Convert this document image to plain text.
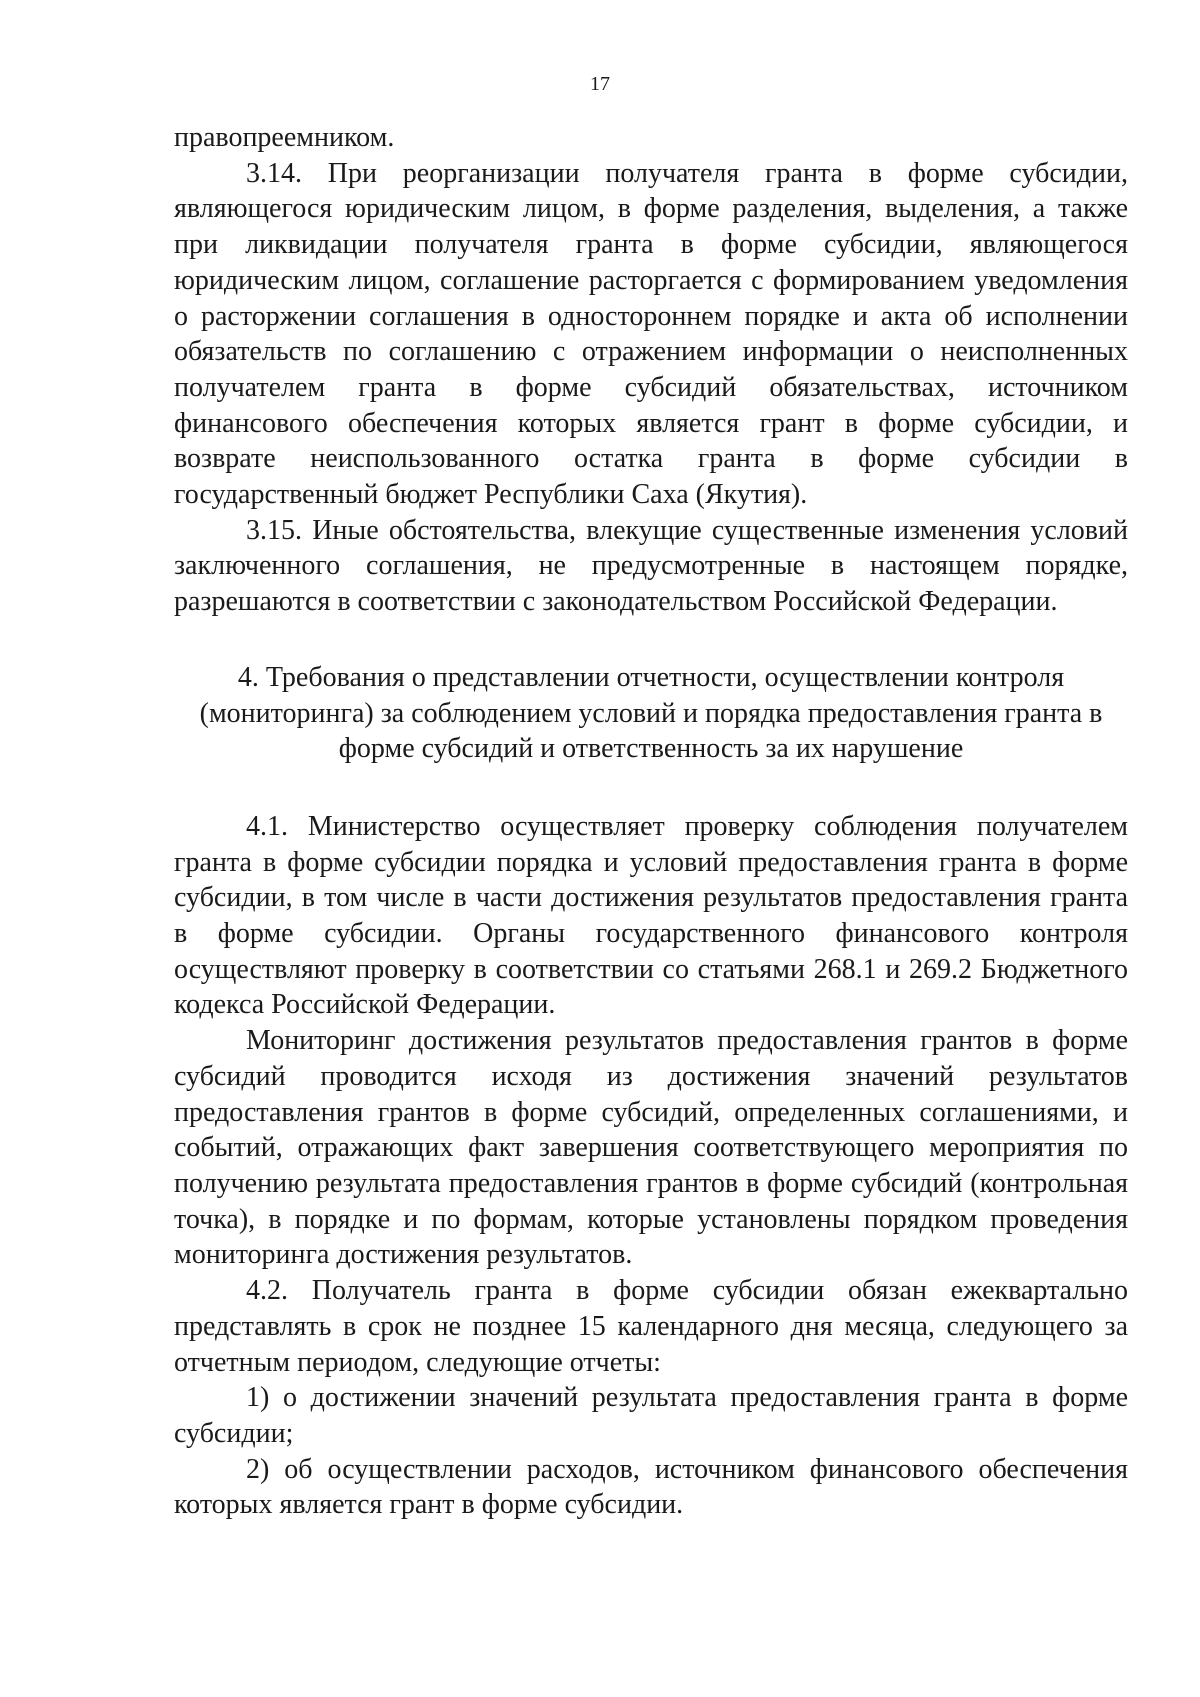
17

правопреемником.

3.14. При реорганизации получателя гранта в форме субсидии, являющегося юридическим лицом, в форме разделения, выделения, а также при ликвидации получателя гранта в форме субсидии, являющегося юридическим лицом, соглашение расторгается с формированием уведомления о расторжении соглашения в одностороннем порядке и акта об исполнении обязательств по соглашению с отражением информации о неисполненных получателем гранта в форме субсидий обязательствах, источником финансового обеспечения которых является грант в форме субсидии, и возврате неиспользованного остатка гранта в форме субсидии в государственный бюджет Республики Саха (Якутия).

3.15. Иные обстоятельства, влекущие существенные изменения условий заключенного соглашения, не предусмотренные в настоящем порядке, разрешаются в соответствии с законодательством Российской Федерации.

4. Требования о представлении отчетности, осуществлении контроля
(мониторинга) за соблюдением условий и порядка предоставления гранта в
форме субсидий и ответственность за их нарушение

4.1. Министерство осуществляет проверку соблюдения получателем гранта в форме субсидии порядка и условий предоставления гранта в форме субсидии, в том числе в части достижения результатов предоставления гранта в форме субсидии. Органы государственного финансового контроля осуществляют проверку в соответствии со статьями 268.1 и 269.2 Бюджетного кодекса Российской Федерации.

Мониторинг достижения результатов предоставления грантов в форме субсидий проводится исходя из достижения значений результатов предоставления грантов в форме субсидий, определенных соглашениями, и событий, отражающих факт завершения соответствующего мероприятия по получению результата предоставления грантов в форме субсидий (контрольная точка), в порядке и по формам, которые установлены порядком проведения мониторинга достижения результатов.

4.2. Получатель гранта в форме субсидии обязан ежеквартально представлять в срок не позднее 15 календарного дня месяца, следующего за отчетным периодом, следующие отчеты:

1) о достижении значений результата предоставления гранта в форме субсидии;

2) об осуществлении расходов, источником финансового обеспечения которых является грант в форме субсидии.
